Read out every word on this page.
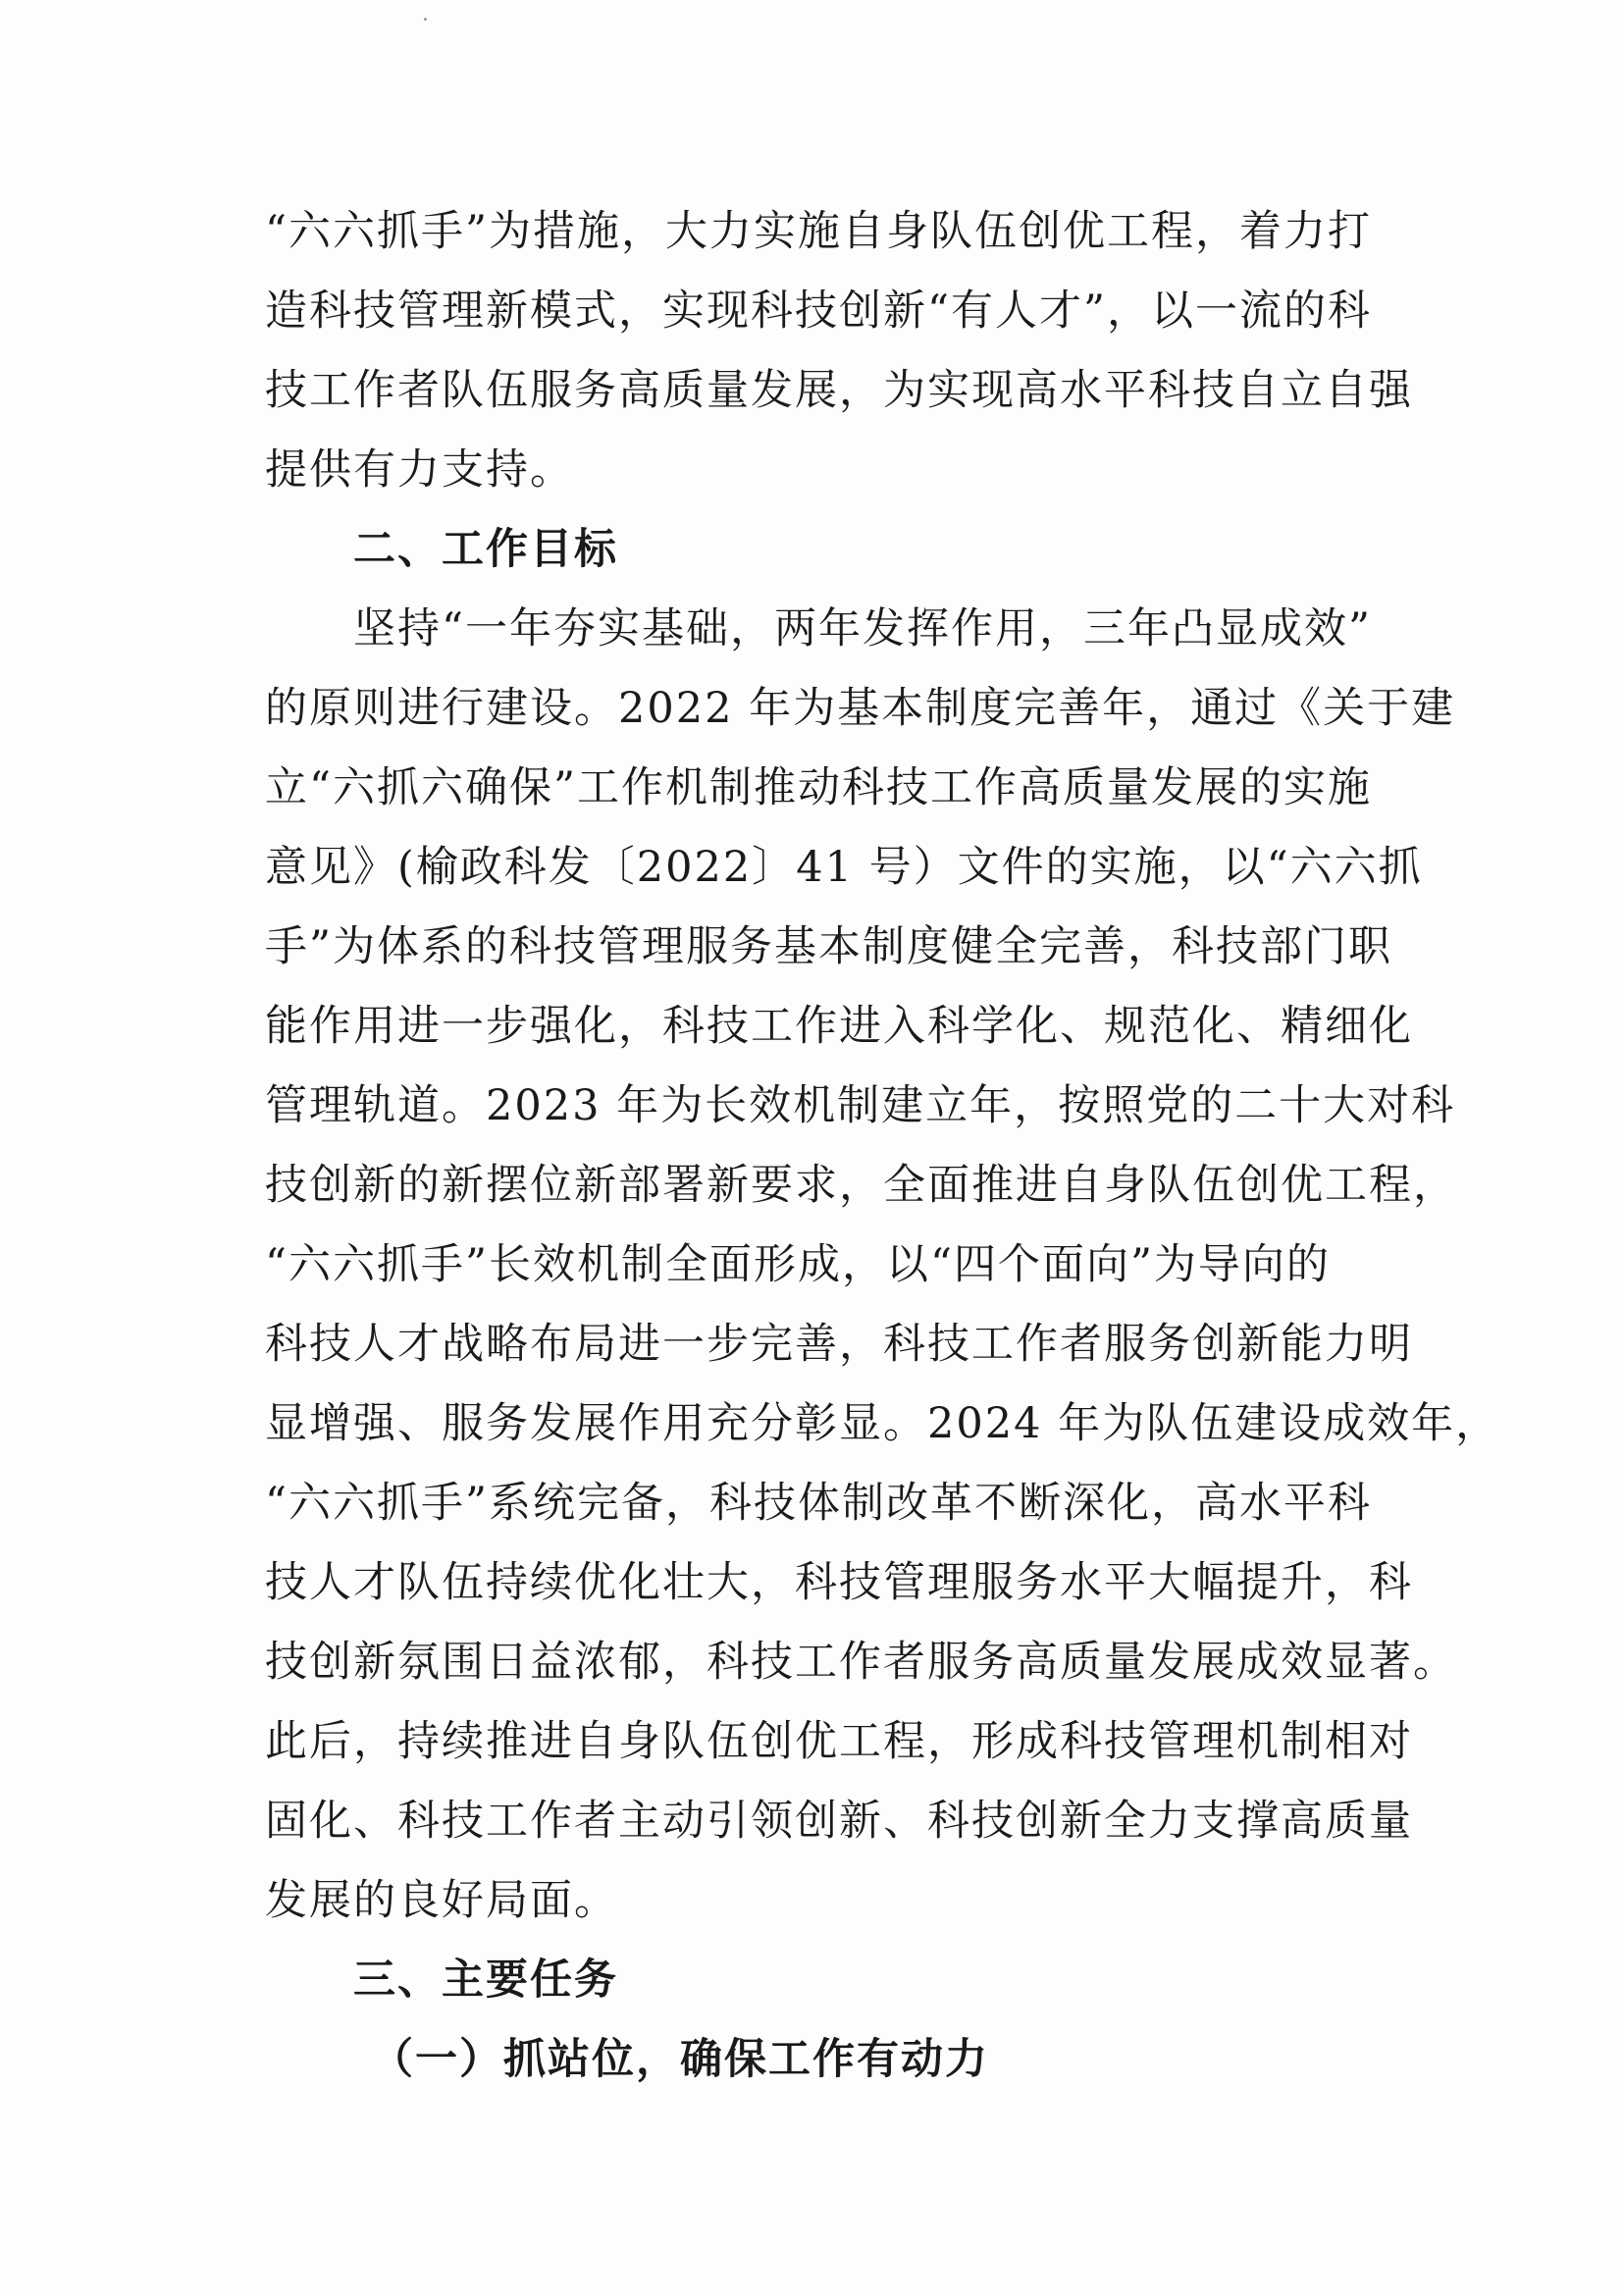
“六六抓手”为措施，大力实施自身队伍创优工程，着力打

造科技管理新模式，实现科技创新“有人才”，以一流的科

技工作者队伍服务高质量发展，为实现高水平科技自立自强

提供有力支持。

二、工作目标

坚持“一年夯实基础，两年发挥作用，三年凸显成效”

的原则进行建设。2022 年为基本制度完善年，通过《关于建

立“六抓六确保”工作机制推动科技工作高质量发展的实施

意见》(榆政科发〔2022〕41 号）文件的实施，以“六六抓

手”为体系的科技管理服务基本制度健全完善，科技部门职

能作用进一步强化，科技工作进入科学化、规范化、精细化

管理轨道。2023 年为长效机制建立年，按照党的二十大对科

技创新的新摆位新部署新要求，全面推进自身队伍创优工程，

“六六抓手”长效机制全面形成，以“四个面向”为导向的

科技人才战略布局进一步完善，科技工作者服务创新能力明

显增强、服务发展作用充分彰显。2024 年为队伍建设成效年，

“六六抓手”系统完备，科技体制改革不断深化，高水平科

技人才队伍持续优化壮大，科技管理服务水平大幅提升，科

技创新氛围日益浓郁，科技工作者服务高质量发展成效显著。

此后，持续推进自身队伍创优工程，形成科技管理机制相对

固化、科技工作者主动引领创新、科技创新全力支撑高质量

发展的良好局面。

三、主要任务
（一）抓站位，确保工作有动力
